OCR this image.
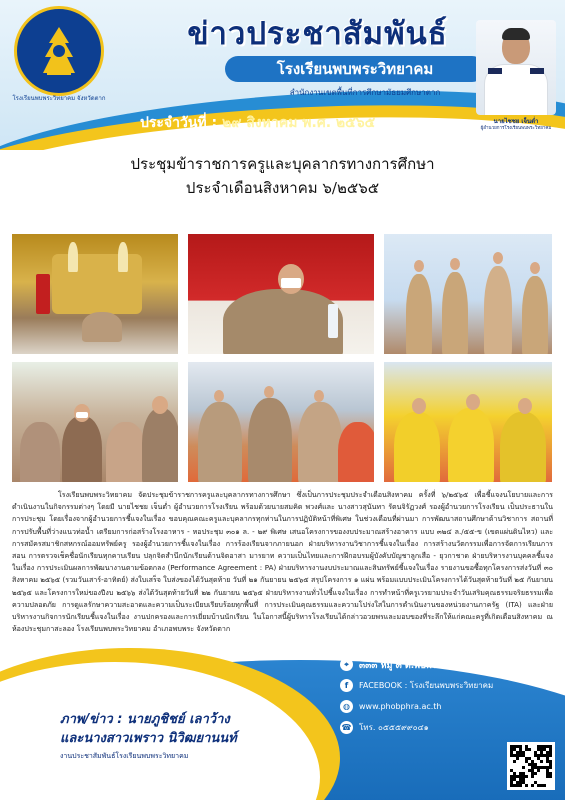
โรงเรียนพบพระวิทยาคม จังหวัดตาก
ข่าวประชาสัมพันธ์
โรงเรียนพบพระวิทยาคม
สำนักงานเขตพื้นที่การศึกษามัธยมศึกษาตาก
ประจำวันที่ : ๒๙ สิงหาคม พ.ศ. ๒๕๖๕	นายไชชย เจ็นต่ำ
ผู้อำนวยการโรงเรียนพบพระวิทยาคม
ประชุมข้าราชการครูและบุคลากรทางการศึกษา
ประจำเดือนสิงหาคม ๖/๒๕๖๕
โรงเรียนพบพระวิทยาคม จัดประชุมข้าราชการครูและบุคลากรทางการศึกษา ซึ่งเป็นการประชุมประจำเดือนสิงหาคม ครั้งที่ ๖/๒๕๖๕ เพื่อชี้แจงนโยบายและการดำเนินงานในกิจกรรมต่างๆ โดยมี นายไชชย เจ็นต่ำ ผู้อำนวยการโรงเรียน พร้อมด้วยนายสมคิด พวงศ์และ นางสาวสุนันทา รัตนจิรัฏวงศ์ รองผู้อำนวยการโรงเรียน เป็นประธานในการประชุม โดยเรื่องจากผู้อำนวยการชี้แจงในเรื่อง ขอบคุณคณะครูและบุคลากรทุกท่านในการปฏิบัติหน้าที่พิเศษ ในช่วงเดือนที่ผ่านมา การพัฒนาสถานศึกษาด้านวิชาการ สถานที่ การปรับพื้นที่ว่างแนวท่อน้ำ เตรียมการก่อสร้างโรงอาหาร - หอประชุม ๓๐๑ ล. - ๒๙ พิเศษ เสนอโครงการของงบประมาณสร้างอาคาร แบบ ๓๒๔ ล./๕๕-ข (เขตแผ่นดินไหว) และการสมัครสมาชิกสหกรณ์ออมทรัพย์ครู รองผู้อำนวยการชี้แจงในเรื่อง การร้องเรียนจากภายนอก ฝ่ายบริหารงานวิชาการชี้แจงในเรื่อง การสร้างนวัตกรรมเพื่อการจัดการเรียนการสอน การตรวจเช็คชื่อนักเรียนทุกคาบเรียน ปลุกจิตสำนึกนักเรียนด้านจิตอาสา มารยาท ความเป็นไทยและการฝึกอบรมผู้บังคับบัญชาลูกเสือ - ยุวกาชาด ฝ่ายบริหารงานบุคคลชี้แจงในเรื่อง การประเมินผลการพัฒนางานตามข้อตกลง (Performance Agreement : PA) ฝ่ายบริหารงานงบประมาณและสินทรัพย์ชี้แจงในเรื่อง รายงานขอซื้อทุกโครงการส่งวันที่ ๓๐ สิงหาคม ๒๕๖๕ (รวมวันเสาร์-อาทิตย์) ส่งใบเสร็จ ใบส่งของได้วันสุดท้าย วันที่ ๒๑ กันยายน ๒๕๖๕ สรุปโครงการ ๑ แผ่น พร้อมแบบประเมินโครงการได้วันสุดท้ายวันที่ ๒๕ กันยายน ๒๕๖๕ และโครงการใหม่ของปีงบ ๒๕๖๖ ส่งได้วันสุดท้ายวันที่ ๒๒ กันยายน ๒๕๖๕ ฝ่ายบริหารงานทั่วไปชี้แจงในเรื่อง การทำหน้าที่ครูเวรยามประจำวันเสริมคุณธรรมจริยธรรมเพื่อความปลอดภัย การดูแลรักษาความสะอาดและความเป็นระเบียบเรียบร้อยทุกพื้นที่ การประเมินคุณธรรมและความโปร่งใสในการดำเนินงานของหน่วยงานภาครัฐ (ITA) และฝ่ายบริหารงานกิจการนักเรียนชี้แจงในเรื่อง งานปกครองและการเยี่ยมบ้านนักเรียน ในโอกาสนี้ผู้บริหารโรงเรียนได้กล่าวอวยพรและมอบของที่ระลึกให้แก่คณะครูที่เกิดเดือนสิงหาคม ณ ห้องประชุมกาสะลอง โรงเรียนพบพระวิทยาคม อำเภอพบพระ จังหวัดตาก
ภาพ/ข่าว : นายภูชิชย์ เลาว้าง
และนางสาวเพราว นิวิฒยานนท์
งานประชาสัมพันธ์โรงเรียนพบพระวิทยาคม
⌖	๓๓๓ หมู่ ๓ ต.พบพระ อ.พบพระ จ.ตาก ๖๓๑๖๐
f	FACEBOOK : โรงเรียนพบพระวิทยาคม
◍	www.phobphra.ac.th
☎ โทร. ๐๕๕๕๙๙๐๔๑
